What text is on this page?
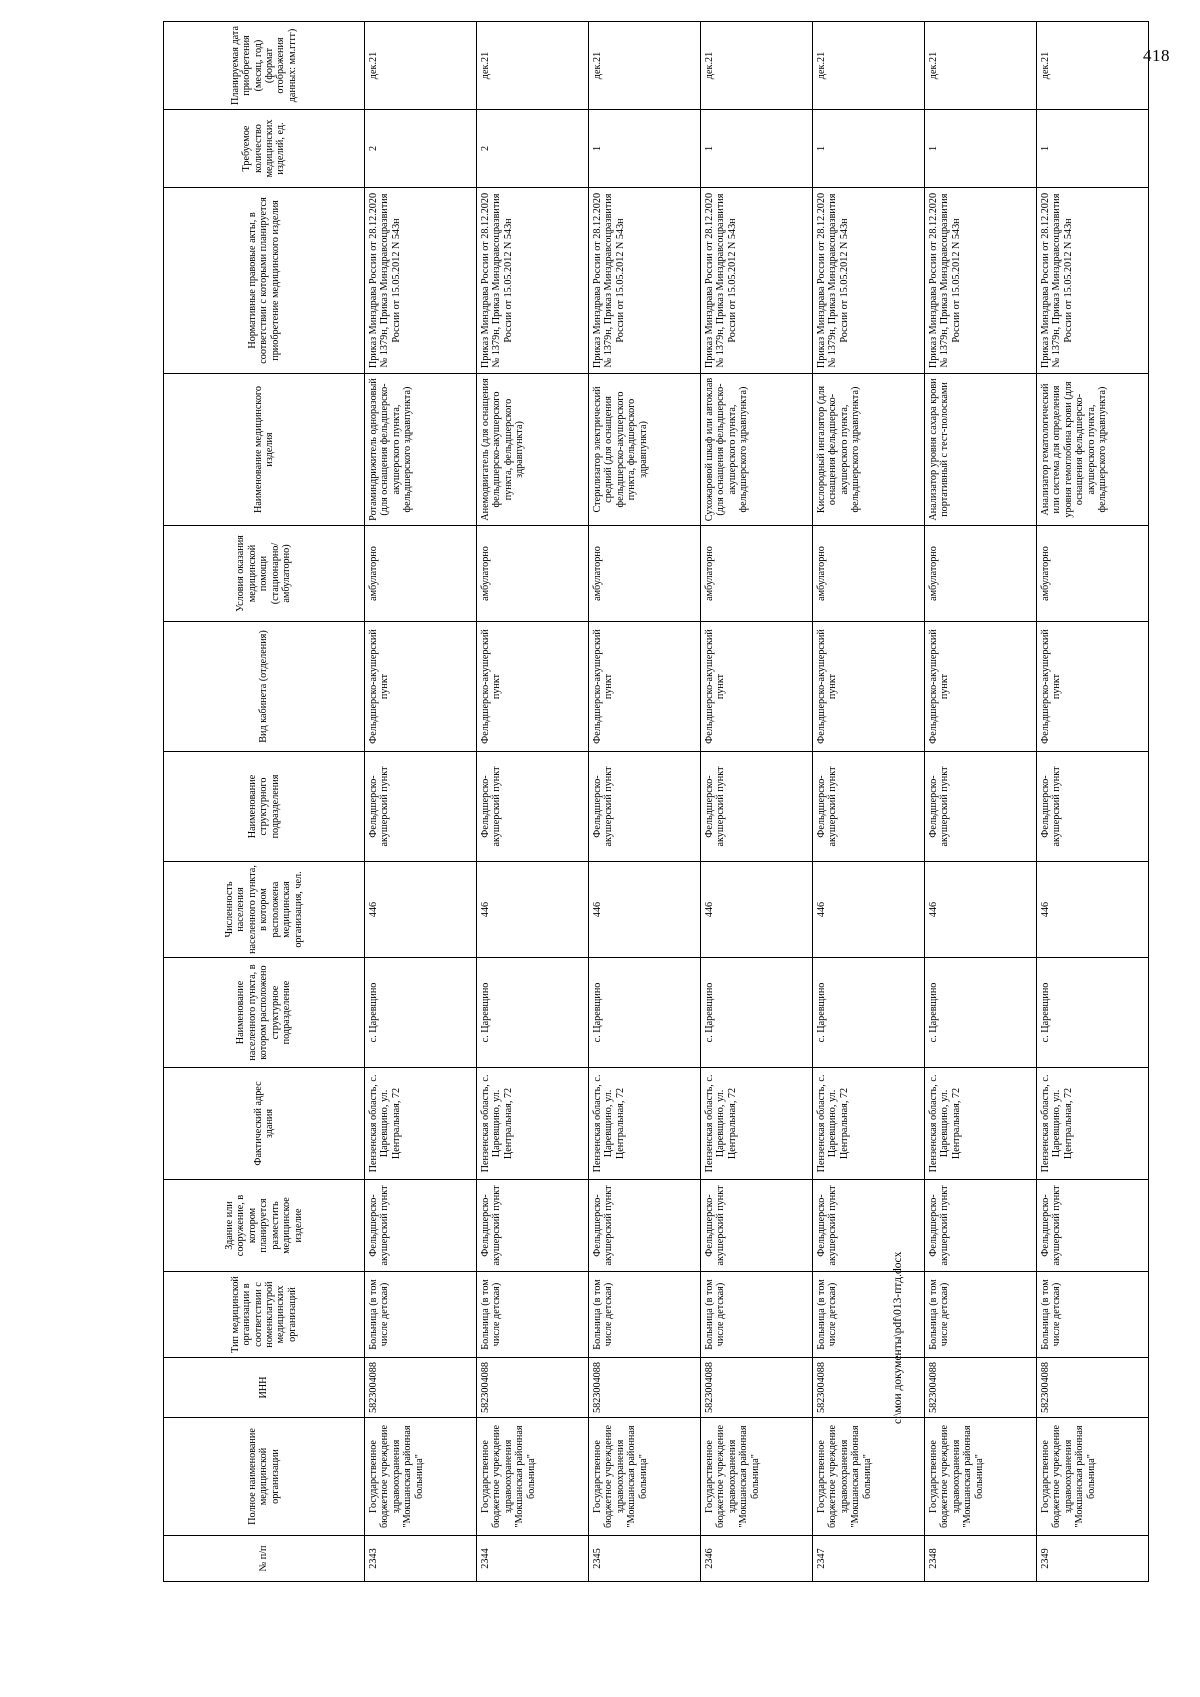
418
№ п/п	Полное наименование медицинской организации	ИНН	Тип медицинской организации в соответствии с номенклатурой медицинских организаций	Здание или сооружение, в котором планируется разместить медицинское изделие	Фактический адрес здания	Наименование населенного пункта, в котором расположено структурное подразделение	Численность населения населенного пункта, в котором расположена медицинская организация, чел.	Наименование структурного подразделения	Вид кабинета (отделения)	Условия оказания медицинской помощи (стационарно/амбулаторно)	Наименование медицинского изделия	Нормативные правовые акты, в соответствии с которыми планируется приобретение медицинского изделия	Требуемое количество медицинских изделий, ед.	Планируемая дата приобретения (месяц, год) (формат отображения данных: мм.гггг)
2343	Государственное бюджетное учреждение здравоохранения "Мокшанская районная больница"	5823004088	Больница (в том числе детская)	Фельдшерско-акушерский пункт	Пензенская область, с. Царевщино, ул. Центральная, 72	с. Царевщино	446	Фельдшерско-акушерский пункт	Фельдшерско-акушерский пункт	амбулаторно	Ротаминдрижитель одноразовый (для оснащения фельдшерско-акушерского пункта, фельдшерского здравпункта)	Приказ Минздрава России от 28.12.2020 № 1379н, Приказ Минздравсоцразвития России от 15.05.2012 N 543н	2	дек.21
2344	Государственное бюджетное учреждение здравоохранения "Мокшанская районная больница"	5823004088	Больница (в том числе детская)	Фельдшерско-акушерский пункт	Пензенская область, с. Царевщино, ул. Центральная, 72	с. Царевщино	446	Фельдшерско-акушерский пункт	Фельдшерско-акушерский пункт	амбулаторно	Анемодвигатель (для оснащения фельдшерско-акушерского пункта, фельдшерского здравпункта)	Приказ Минздрава России от 28.12.2020 № 1379н, Приказ Минздравсоцразвития России от 15.05.2012 N 543н	2	дек.21
2345	Государственное бюджетное учреждение здравоохранения "Мокшанская районная больница"	5823004088	Больница (в том числе детская)	Фельдшерско-акушерский пункт	Пензенская область, с. Царевщино, ул. Центральная, 72	с. Царевщино	446	Фельдшерско-акушерский пункт	Фельдшерско-акушерский пункт	амбулаторно	Стерилизатор электрический средний (для оснащения фельдшерско-акушерского пункта, фельдшерского здравпункта)	Приказ Минздрава России от 28.12.2020 № 1379н, Приказ Минздравсоцразвития России от 15.05.2012 N 543н	1	дек.21
2346	Государственное бюджетное учреждение здравоохранения "Мокшанская районная больница"	5823004088	Больница (в том числе детская)	Фельдшерско-акушерский пункт	Пензенская область, с. Царевщино, ул. Центральная, 72	с. Царевщино	446	Фельдшерско-акушерский пункт	Фельдшерско-акушерский пункт	амбулаторно	Сухожаровой шкаф или автоклав (для оснащения фельдшерско-акушерского пункта, фельдшерского здравпункта)	Приказ Минздрава России от 28.12.2020 № 1379н, Приказ Минздравсоцразвития России от 15.05.2012 N 543н	1	дек.21
2347	Государственное бюджетное учреждение здравоохранения "Мокшанская районная больница"	5823004088	Больница (в том числе детская)	Фельдшерско-акушерский пункт	Пензенская область, с. Царевщино, ул. Центральная, 72	с. Царевщино	446	Фельдшерско-акушерский пункт	Фельдшерско-акушерский пункт	амбулаторно	Кислородный ингалятор (для оснащения фельдшерско-акушерского пункта, фельдшерского здравпункта)	Приказ Минздрава России от 28.12.2020 № 1379н, Приказ Минздравсоцразвития России от 15.05.2012 N 543н	1	дек.21
2348	Государственное бюджетное учреждение здравоохранения "Мокшанская районная больница"	5823004088	Больница (в том числе детская)	Фельдшерско-акушерский пункт	Пензенская область, с. Царевщино, ул. Центральная, 72	с. Царевщино	446	Фельдшерско-акушерский пункт	Фельдшерско-акушерский пункт	амбулаторно	Анализатор уровня сахара крови портативный с тест-полосками	Приказ Минздрава России от 28.12.2020 № 1379н, Приказ Минздравсоцразвития России от 15.05.2012 N 543н	1	дек.21
2349	Государственное бюджетное учреждение здравоохранения "Мокшанская районная больница"	5823004088	Больница (в том числе детская)	Фельдшерско-акушерский пункт	Пензенская область, с. Царевщино, ул. Центральная, 72	с. Царевщино	446	Фельдшерско-акушерский пункт	Фельдшерско-акушерский пункт	амбулаторно	Анализатор гематологический или система для определения уровня гемоглобина крови (для оснащения фельдшерско-акушерского пункта, фельдшерского здравпункта)	Приказ Минздрава России от 28.12.2020 № 1379н, Приказ Минздравсоцразвития России от 15.05.2012 N 543н	1	дек.21
c:\мои документы\pdf\013-птд.docx
